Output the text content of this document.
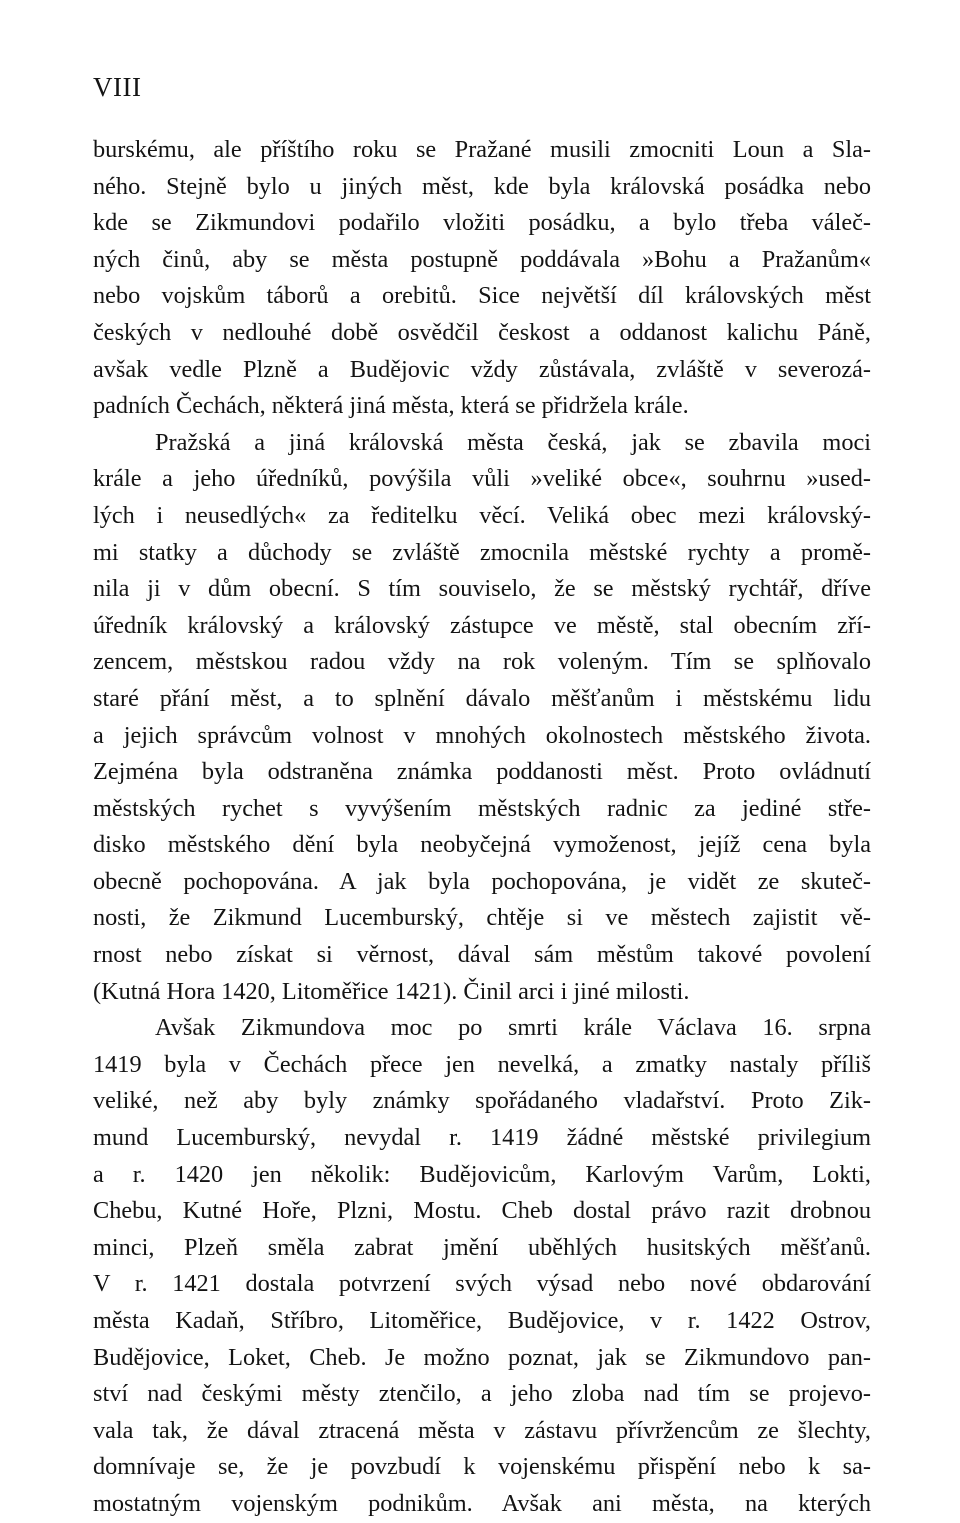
VIII
burskému, ale příštího roku se Pražané musili zmocniti Loun a Sla-
ného. Stejně bylo u jiných měst, kde byla královská posádka nebo
kde se Zikmundovi podařilo vložiti posádku, a bylo třeba váleč-
ných činů, aby se města postupně poddávala »Bohu a Pražanům«
nebo vojskům táborů a orebitů. Sice největší díl královských měst
českých v nedlouhé době osvědčil českost a oddanost kalichu Páně,
avšak vedle Plzně a Budějovic vždy zůstávala, zvláště v severozá-
padních Čechách, některá jiná města, která se přidržela krále.
Pražská a jiná královská města česká, jak se zbavila moci
krále a jeho úředníků, povýšila vůli »veliké obce«, souhrnu »used-
lých i neusedlých« za ředitelku věcí. Veliká obec mezi královský-
mi statky a důchody se zvláště zmocnila městské rychty a promě-
nila ji v dům obecní. S tím souviselo, že se městský rychtář, dříve
úředník královský a královský zástupce ve městě, stal obecním zří-
zencem, městskou radou vždy na rok voleným. Tím se splňovalo
staré přání měst, a to splnění dávalo měšťanům i městskému lidu
a jejich správcům volnost v mnohých okolnostech městského života.
Zejména byla odstraněna známka poddanosti měst. Proto ovládnutí
městských rychet s vyvýšením městských radnic za jediné stře-
disko městského dění byla neobyčejná vymoženost, jejíž cena byla
obecně pochopována. A jak byla pochopována, je vidět ze skuteč-
nosti, že Zikmund Lucemburský, chtěje si ve městech zajistit vě-
rnost nebo získat si věrnost, dával sám městům takové povolení
(Kutná Hora 1420, Litoměřice 1421). Činil arci i jiné milosti.
Avšak Zikmundova moc po smrti krále Václava 16. srpna
1419 byla v Čechách přece jen nevelká, a zmatky nastaly příliš
veliké, než aby byly známky spořádaného vladařství. Proto Zik-
mund Lucemburský, nevydal r. 1419 žádné městské privilegium
a r. 1420 jen několik: Budějovicům, Karlovým Varům, Lokti,
Chebu, Kutné Hoře, Plzni, Mostu. Cheb dostal právo razit drobnou
minci, Plzeň směla zabrat jmění uběhlých husitských měšťanů.
V r. 1421 dostala potvrzení svých výsad nebo nové obdarování
města Kadaň, Stříbro, Litoměřice, Budějovice, v r. 1422 Ostrov,
Budějovice, Loket, Cheb. Je možno poznat, jak se Zikmundovo pan-
ství nad českými městy ztenčilo, a jeho zloba nad tím se projevo-
vala tak, že dával ztracená města v zástavu přívržencům ze šlechty,
domnívaje se, že je povzbudí k vojenskému přispění nebo k sa-
mostatným vojenským podnikům. Avšak ani města, na kterých
